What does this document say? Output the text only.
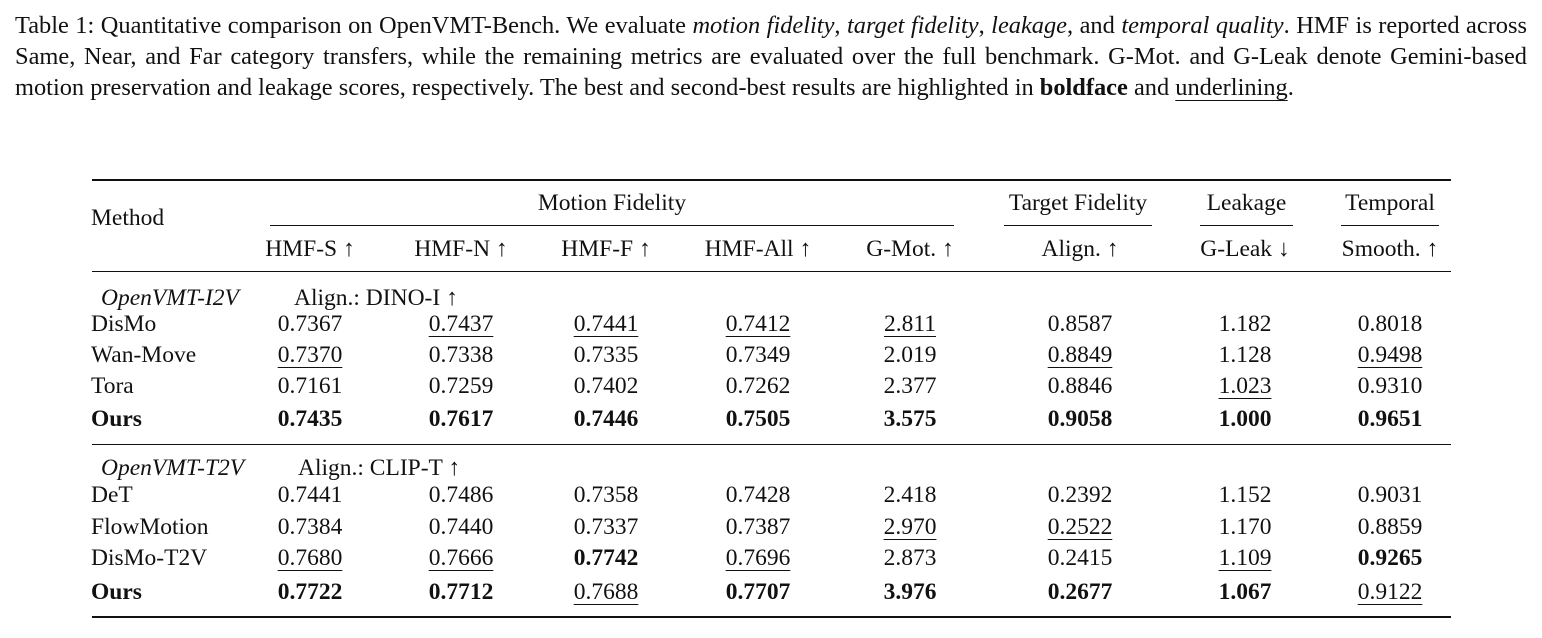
Table 1: Quantitative comparison on OpenVMT-Bench. We evaluate motion fidelity, target fidelity, leakage, and temporal quality. HMF is reported across Same, Near, and Far category transfers, while the remaining metrics are evaluated over the full benchmark. G-Mot. and G-Leak denote Gemini-based motion preservation and leakage scores, respectively. The best and second-best results are highlighted in boldface and underlining.
Method
Motion Fidelity	Target Fidelity	Leakage	Temporal
HMF-S ↑	HMF-N ↑	HMF-F ↑	HMF-All ↑	G-Mot. ↑	Align. ↑	G-Leak ↓	Smooth. ↑
OpenVMT-I2V Align.: DINO-I ↑
DisMo	0.7367	0.7437	0.7441	0.7412	2.811	0.8587	1.182	0.8018
Wan-Move	0.7370	0.7338	0.7335	0.7349	2.019	0.8849	1.128	0.9498
Tora	0.7161	0.7259	0.7402	0.7262	2.377	0.8846	1.023	0.9310
Ours	0.7435	0.7617	0.7446	0.7505	3.575	0.9058	1.000	0.9651
OpenVMT-T2V Align.: CLIP-T ↑
DeT	0.7441	0.7486	0.7358	0.7428	2.418	0.2392	1.152	0.9031
FlowMotion	0.7384	0.7440	0.7337	0.7387	2.970	0.2522	1.170	0.8859
DisMo-T2V	0.7680	0.7666	0.7742	0.7696	2.873	0.2415	1.109	0.9265
Ours	0.7722	0.7712	0.7688	0.7707	3.976	0.2677	1.067	0.9122
